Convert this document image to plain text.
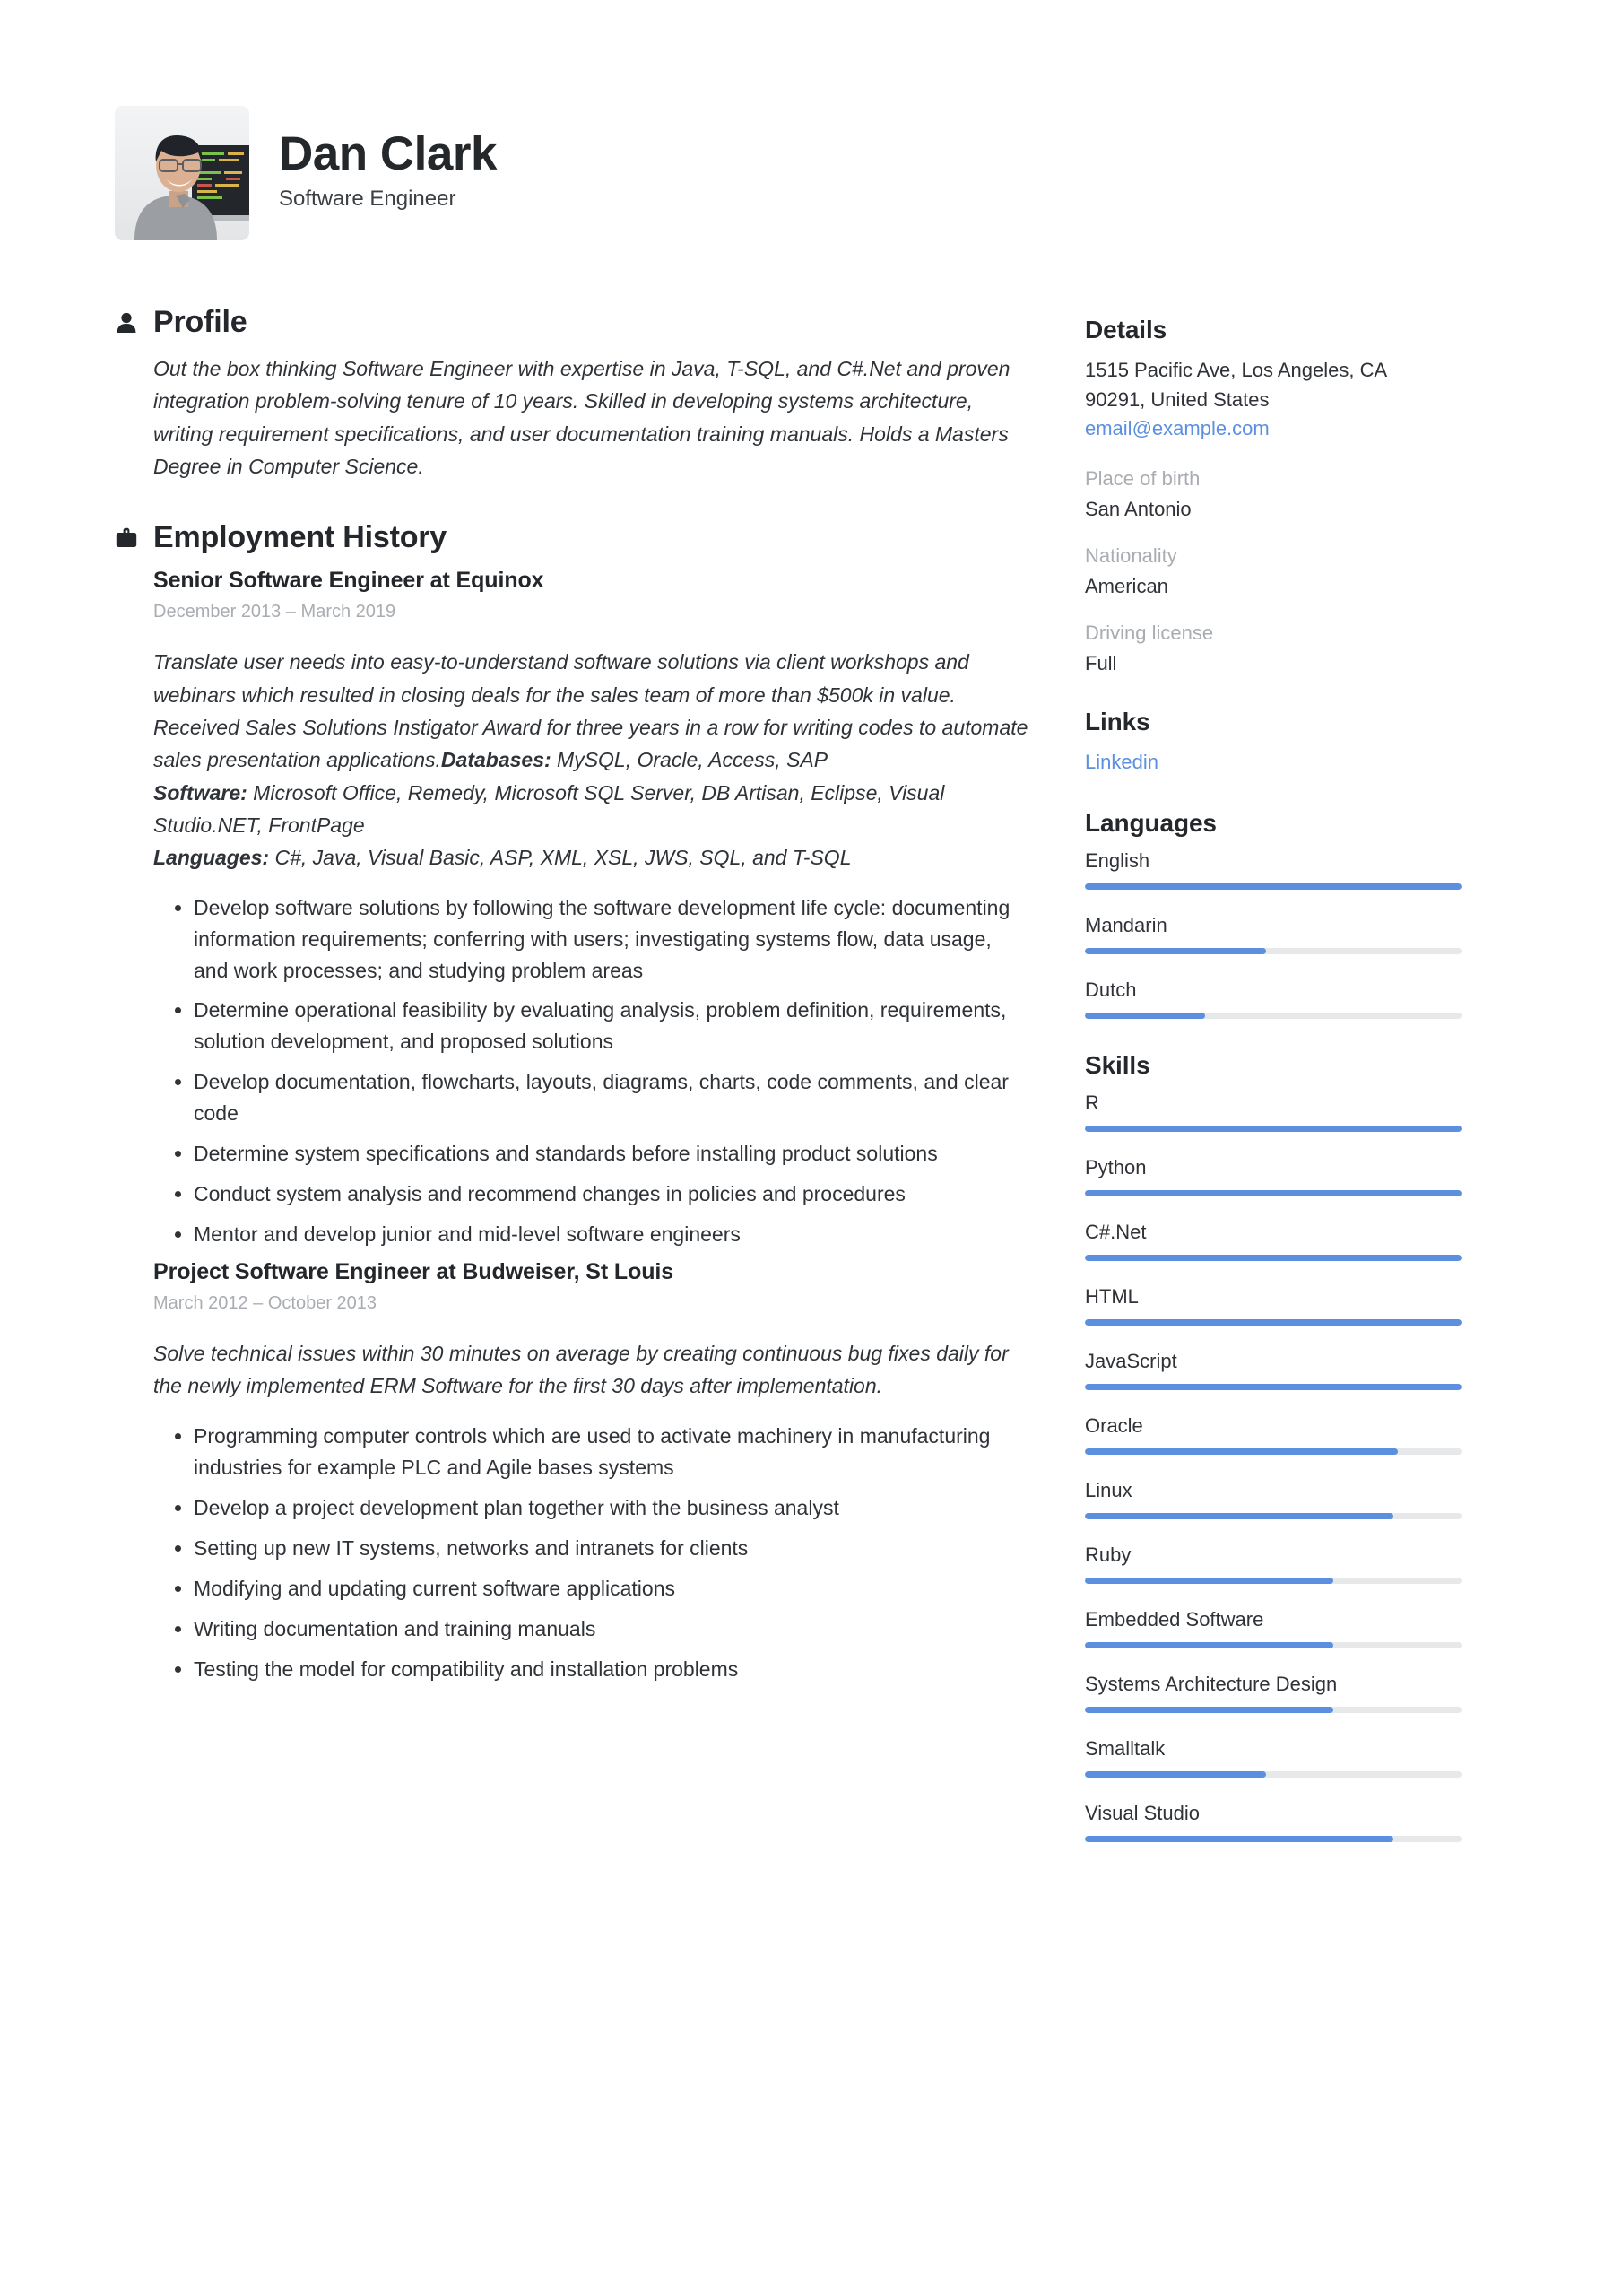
Dan Clark
Software Engineer
Profile

Out the box thinking Software Engineer with expertise in Java, T-SQL, and C#.Net and proven integration problem-solving tenure of 10 years. Skilled in developing systems architecture, writing requirement specifications, and user documentation training manuals. Holds a Masters Degree in Computer Science.

Employment History
Senior Software Engineer at Equinox
December 2013 – March 2019

Translate user needs into easy-to-understand software solutions via client workshops and webinars which resulted in closing deals for the sales team of more than $500k in value. Received Sales Solutions Instigator Award for three years in a row for writing codes to automate sales presentation applications.Databases: MySQL, Oracle, Access, SAP
Software: Microsoft Office, Remedy, Microsoft SQL Server, DB Artisan, Eclipse, Visual Studio.NET, FrontPage
Languages: C#, Java, Visual Basic, ASP, XML, XSL, JWS, SQL, and T-SQL

Develop software solutions by following the software development life cycle: documenting information requirements; conferring with users; investigating systems flow, data usage, and work processes; and studying problem areas
Determine operational feasibility by evaluating analysis, problem definition, requirements, solution development, and proposed solutions
Develop documentation, flowcharts, layouts, diagrams, charts, code comments, and clear code
Determine system specifications and standards before installing product solutions
Conduct system analysis and recommend changes in policies and procedures
Mentor and develop junior and mid-level software engineers
Project Software Engineer at Budweiser, St Louis
March 2012 – October 2013

Solve technical issues within 30 minutes on average by creating continuous bug fixes daily for the newly implemented ERM Software for the first 30 days after implementation.

Programming computer controls which are used to activate machinery in manufacturing industries for example PLC and Agile bases systems
Develop a project development plan together with the business analyst
Setting up new IT systems, networks and intranets for clients
Modifying and updating current software applications
Writing documentation and training manuals
Testing the model for compatibility and installation problems
Details
1515 Pacific Ave, Los Angeles, CA
90291, United States
email@example.com
Place of birth
San Antonio
Nationality
American
Driving license
Full
Links
Linkedin
Languages
English
Mandarin
Dutch
Skills
R
Python
C#.Net
HTML
JavaScript
Oracle
Linux
Ruby
Embedded Software
Systems Architecture Design
Smalltalk
Visual Studio
